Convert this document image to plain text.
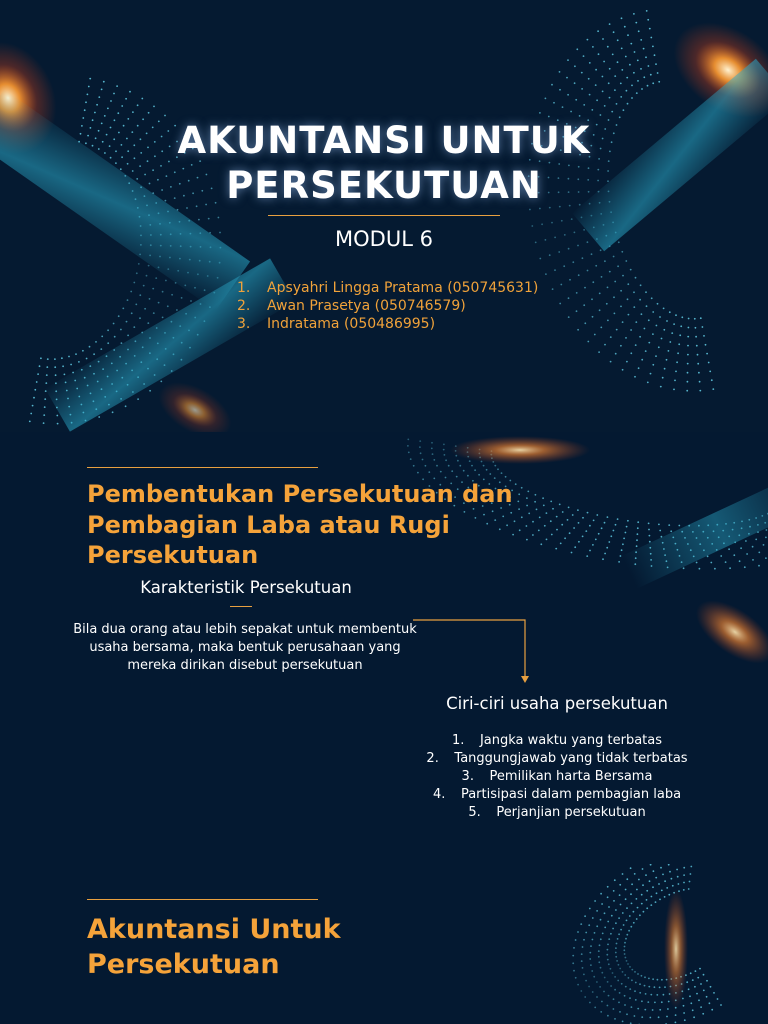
AKUNTANSI UNTUK
PERSEKUTUAN
MODUL 6
1. Apsyahri Lingga Pratama (050745631)
2. Awan Prasetya (050746579)
3. Indratama (050486995)
Pembentukan Persekutuan dan
Pembagian Laba atau Rugi
Persekutuan
Karakteristik Persekutuan
Bila dua orang atau lebih sepakat untuk membentuk usaha bersama, maka bentuk perusahaan yang mereka dirikan disebut persekutuan
Ciri-ciri usaha persekutuan
1. Jangka waktu yang terbatas
2. Tanggungjawab yang tidak terbatas
3. Pemilikan harta Bersama
4. Partisipasi dalam pembagian laba
5. Perjanjian persekutuan
Akuntansi Untuk
Persekutuan
